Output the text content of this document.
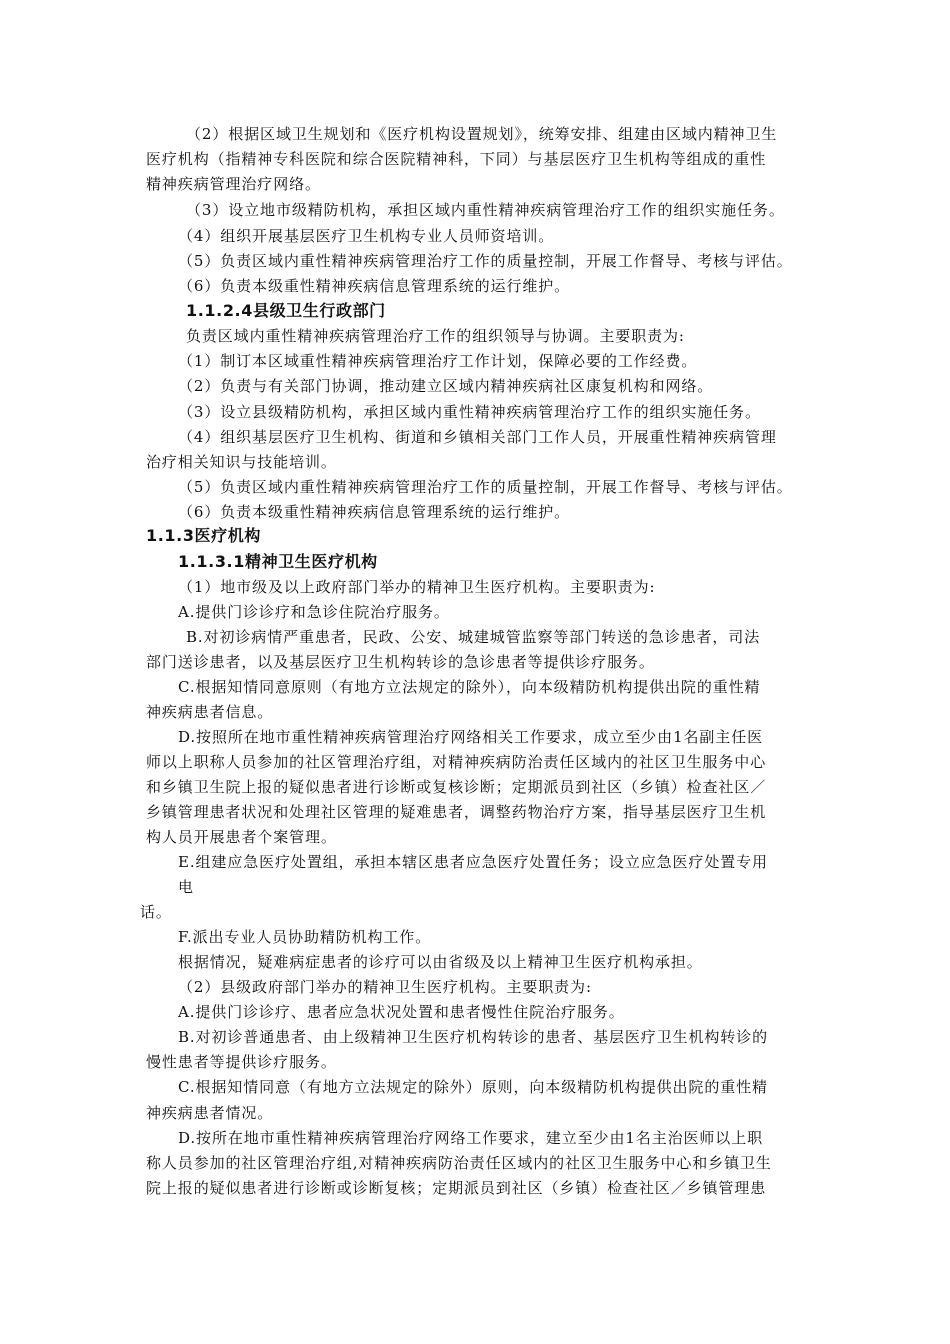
（2）根据区域卫生规划和《医疗机构设置规划》，统筹安排、组建由区域内精神卫生
医疗机构（指精神专科医院和综合医院精神科，下同）与基层医疗卫生机构等组成的重性
精神疾病管理治疗网络。
（3）设立地市级精防机构，承担区域内重性精神疾病管理治疗工作的组织实施任务。
（4）组织开展基层医疗卫生机构专业人员师资培训。
（5）负责区域内重性精神疾病管理治疗工作的质量控制，开展工作督导、考核与评估。
（6）负责本级重性精神疾病信息管理系统的运行维护。
1.1.2.4县级卫生行政部门
负责区域内重性精神疾病管理治疗工作的组织领导与协调。主要职责为:
（1）制订本区域重性精神疾病管理治疗工作计划，保障必要的工作经费。
（2）负责与有关部门协调，推动建立区域内精神疾病社区康复机构和网络。
（3）设立县级精防机构，承担区域内重性精神疾病管理治疗工作的组织实施任务。
（4）组织基层医疗卫生机构、街道和乡镇相关部门工作人员，开展重性精神疾病管理
治疗相关知识与技能培训。
（5）负责区域内重性精神疾病管理治疗工作的质量控制，开展工作督导、考核与评估。
（6）负责本级重性精神疾病信息管理系统的运行维护。
1.1.3医疗机构
1.1.3.1精神卫生医疗机构
（1）地市级及以上政府部门举办的精神卫生医疗机构。主要职责为:
A.提供门诊诊疗和急诊住院治疗服务。
B.对初诊病情严重患者，民政、公安、城建城管监察等部门转送的急诊患者，司法
部门送诊患者，以及基层医疗卫生机构转诊的急诊患者等提供诊疗服务。
C.根据知情同意原则（有地方立法规定的除外），向本级精防机构提供出院的重性精
神疾病患者信息。
D.按照所在地市重性精神疾病管理治疗网络相关工作要求，成立至少由1名副主任医
师以上职称人员参加的社区管理治疗组，对精神疾病防治责任区域内的社区卫生服务中心
和乡镇卫生院上报的疑似患者进行诊断或复核诊断；定期派员到社区（乡镇）检查社区／
乡镇管理患者状况和处理社区管理的疑难患者，调整药物治疗方案，指导基层医疗卫生机
构人员开展患者个案管理。
E.组建应急医疗处置组，承担本辖区患者应急医疗处置任务；设立应急医疗处置专用
电
话。
F.派出专业人员协助精防机构工作。
根据情况，疑难病症患者的诊疗可以由省级及以上精神卫生医疗机构承担。
（2）县级政府部门举办的精神卫生医疗机构。主要职责为:
A.提供门诊诊疗、患者应急状况处置和患者慢性住院治疗服务。
B.对初诊普通患者、由上级精神卫生医疗机构转诊的患者、基层医疗卫生机构转诊的
慢性患者等提供诊疗服务。
C.根据知情同意（有地方立法规定的除外）原则，向本级精防机构提供出院的重性精
神疾病患者情况。
D.按所在地市重性精神疾病管理治疗网络工作要求，建立至少由1名主治医师以上职
称人员参加的社区管理治疗组,对精神疾病防治责任区域内的社区卫生服务中心和乡镇卫生
院上报的疑似患者进行诊断或诊断复核；定期派员到社区（乡镇）检查社区／乡镇管理患
